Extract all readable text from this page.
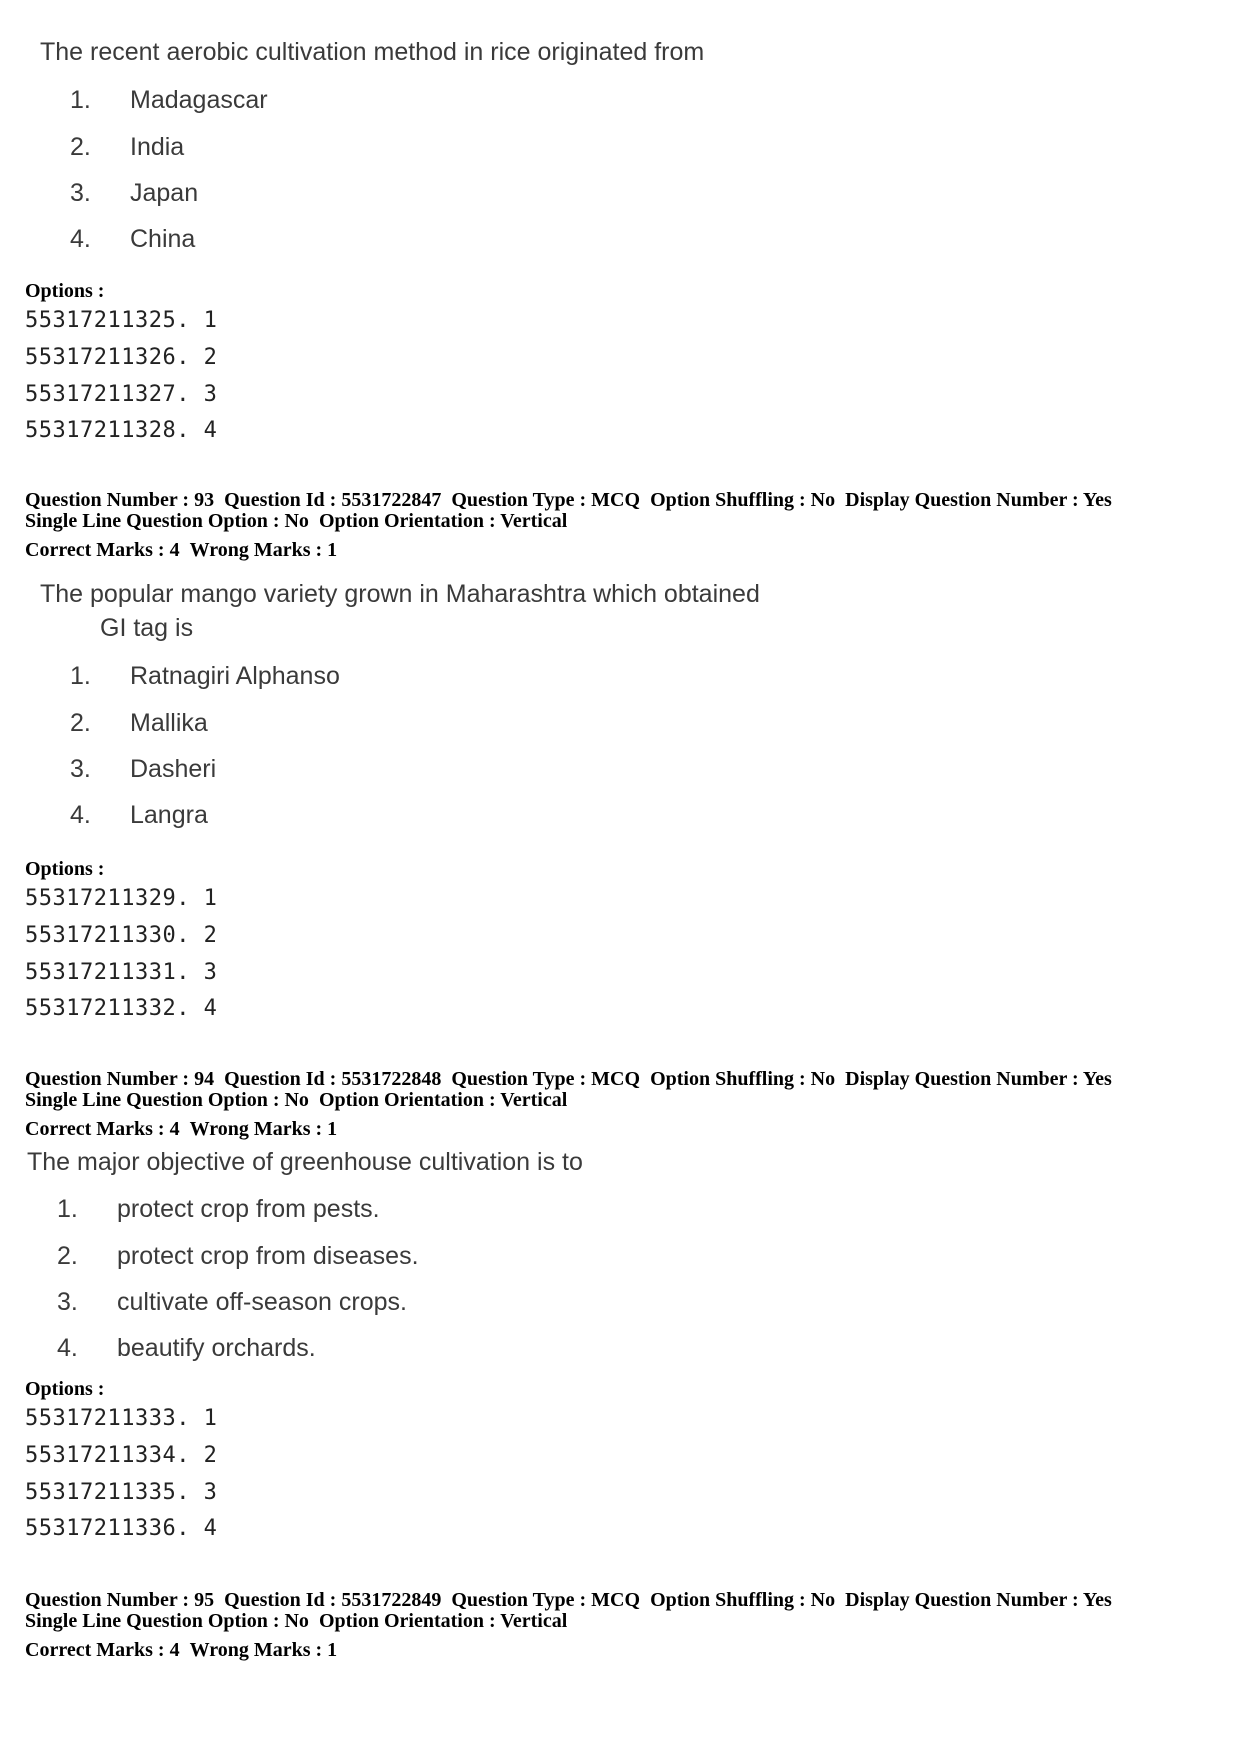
The recent aerobic cultivation method in rice originated from
1. Madagascar
2. India
3. Japan
4. China
Options :
55317211325. 1
55317211326. 2
55317211327. 3
55317211328. 4
Question Number : 93 Question Id : 5531722847 Question Type : MCQ Option Shuffling : No Display Question Number : Yes
Single Line Question Option : No Option Orientation : Vertical
Correct Marks : 4 Wrong Marks : 1
The popular mango variety grown in Maharashtra which obtained
GI tag is
1. Ratnagiri Alphanso
2. Mallika
3. Dasheri
4. Langra
Options :
55317211329. 1
55317211330. 2
55317211331. 3
55317211332. 4
Question Number : 94 Question Id : 5531722848 Question Type : MCQ Option Shuffling : No Display Question Number : Yes
Single Line Question Option : No Option Orientation : Vertical
Correct Marks : 4 Wrong Marks : 1
The major objective of greenhouse cultivation is to
1. protect crop from pests.
2. protect crop from diseases.
3. cultivate off-season crops.
4. beautify orchards.
Options :
55317211333. 1
55317211334. 2
55317211335. 3
55317211336. 4
Question Number : 95 Question Id : 5531722849 Question Type : MCQ Option Shuffling : No Display Question Number : Yes
Single Line Question Option : No Option Orientation : Vertical
Correct Marks : 4 Wrong Marks : 1
